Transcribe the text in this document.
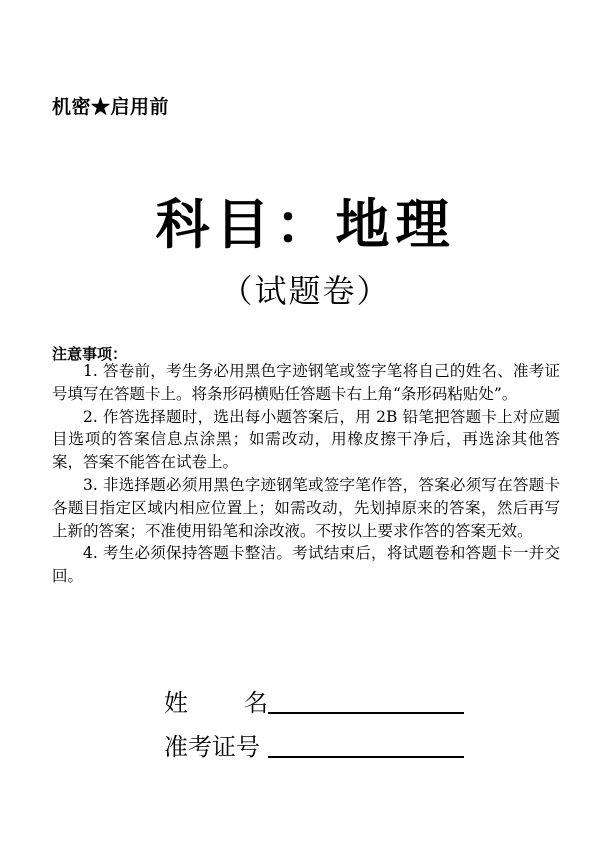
机密★启用前
科目：地理
（试题卷）
注意事项：

1. 答卷前，考生务必用黑色字迹钢笔或签字笔将自己的姓名、准考证号填写在答题卡上。将条形码横贴任答题卡右上角“条形码粘贴处”。

2. 作答选择题时，选出每小题答案后，用 2B 铅笔把答题卡上对应题目选项的答案信息点涂黑；如需改动，用橡皮擦干净后，再选涂其他答案，答案不能答在试卷上。

3. 非选择题必须用黑色字迹钢笔或签字笔作答，答案必须写在答题卡各题目指定区域内相应位置上；如需改动，先划掉原来的答案，然后再写上新的答案；不准使用铅笔和涂改液。不按以上要求作答的答案无效。

4. 考生必须保持答题卡整洁。考试结束后，将试题卷和答题卡一并交回。

姓 名
准考证号
